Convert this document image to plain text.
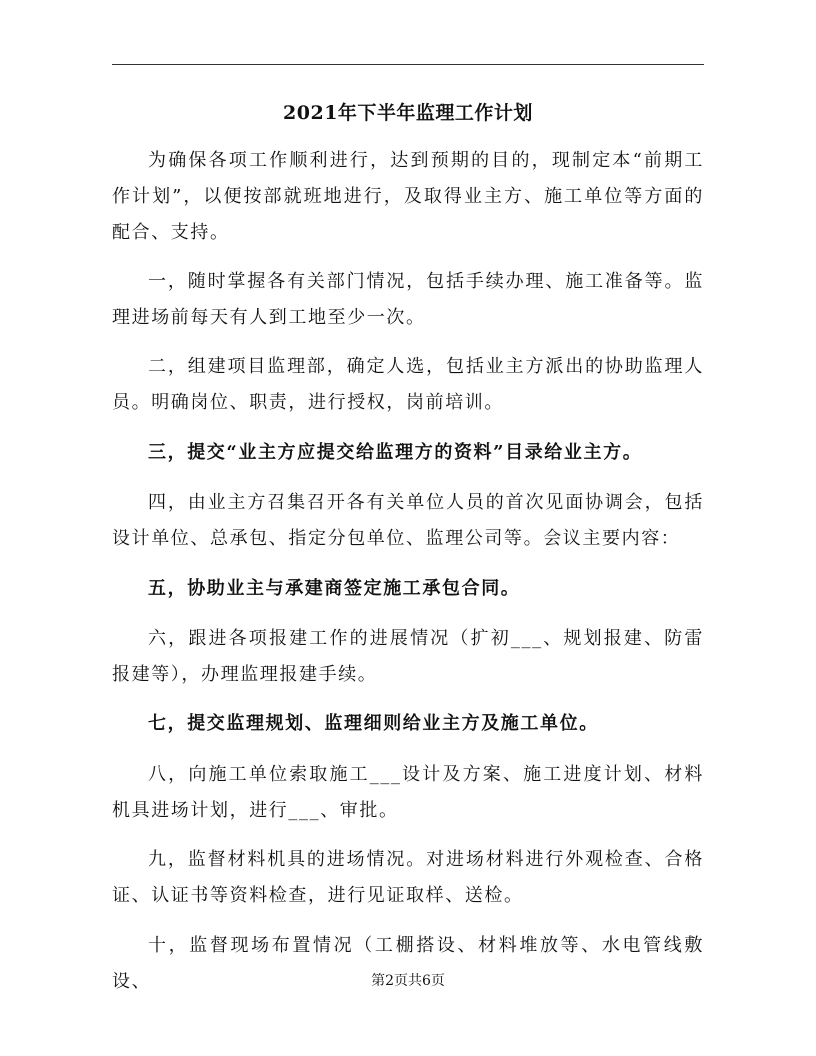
2021年下半年监理工作计划

为确保各项工作顺利进行，达到预期的目的，现制定本“前期工作计划”，以便按部就班地进行，及取得业主方、施工单位等方面的配合、支持。

一，随时掌握各有关部门情况，包括手续办理、施工准备等。监理进场前每天有人到工地至少一次。

二，组建项目监理部，确定人选，包括业主方派出的协助监理人员。明确岗位、职责，进行授权，岗前培训。

三，提交“业主方应提交给监理方的资料”目录给业主方。

四，由业主方召集召开各有关单位人员的首次见面协调会，包括设计单位、总承包、指定分包单位、监理公司等。会议主要内容：

五，协助业主与承建商签定施工承包合同。

六，跟进各项报建工作的进展情况（扩初___、规划报建、防雷报建等），办理监理报建手续。

七，提交监理规划、监理细则给业主方及施工单位。

八，向施工单位索取施工___设计及方案、施工进度计划、材料机具进场计划，进行___、审批。

九，监督材料机具的进场情况。对进场材料进行外观检查、合格证、认证书等资料检查，进行见证取样、送检。

十，监督现场布置情况（工棚搭设、材料堆放等、水电管线敷设、	第2页共6页
